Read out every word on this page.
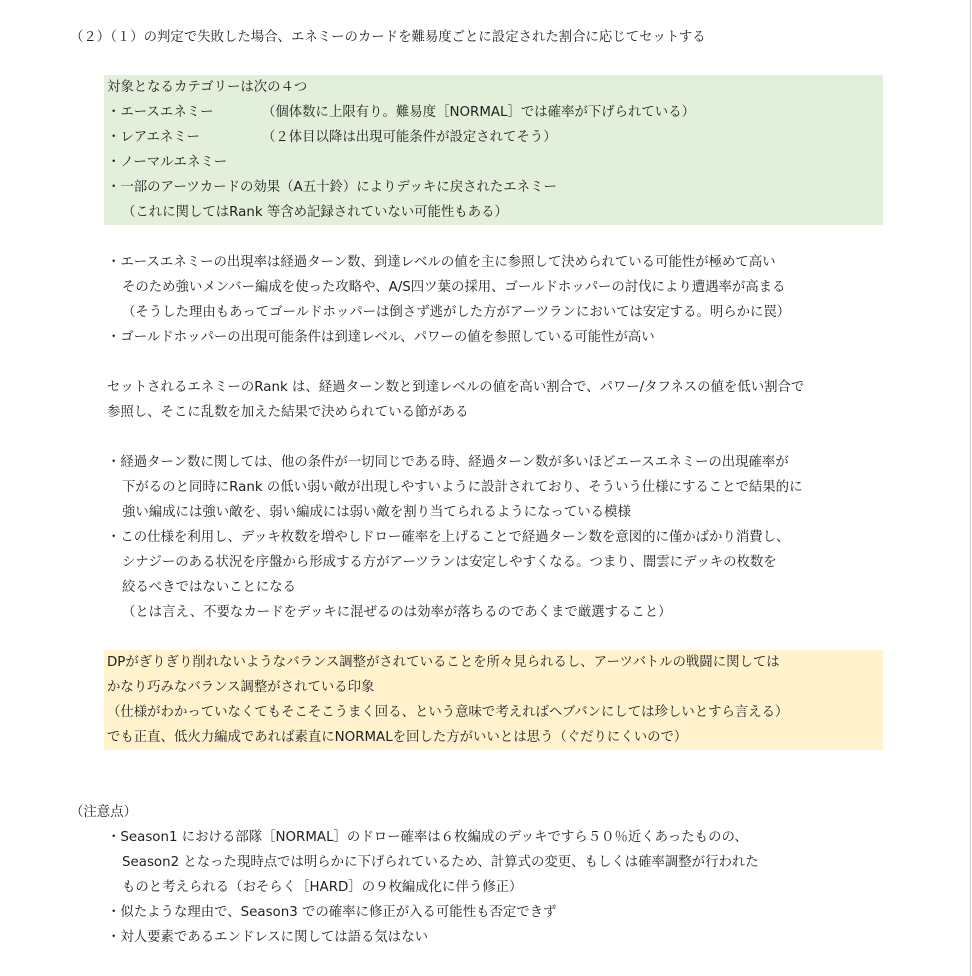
（２）（１）の判定で失敗した場合、エネミーのカードを難易度ごとに設定された割合に応じてセットする
対象となるカテゴリーは次の４つ
・エースエネミー	（個体数に上限有り。難易度［NORMAL］では確率が下げられている）
・レアエネミー	（２体目以降は出現可能条件が設定されてそう）
・ノーマルエネミー
・一部のアーツカードの効果（A五十鈴）によりデッキに戻されたエネミー
（これに関してはRank 等含め記録されていない可能性もある）
・エースエネミーの出現率は経過ターン数、到達レベルの値を主に参照して決められている可能性が極めて高い
そのため強いメンバー編成を使った攻略や、A/S四ツ葉の採用、ゴールドホッパーの討伐により遭遇率が高まる
（そうした理由もあってゴールドホッパーは倒さず逃がした方がアーツランにおいては安定する。明らかに罠）
・ゴールドホッパーの出現可能条件は到達レベル、パワーの値を参照している可能性が高い
セットされるエネミーのRank は、経過ターン数と到達レベルの値を高い割合で、パワー/タフネスの値を低い割合で
参照し、そこに乱数を加えた結果で決められている節がある
・経過ターン数に関しては、他の条件が一切同じである時、経過ターン数が多いほどエースエネミーの出現確率が
下がるのと同時にRank の低い弱い敵が出現しやすいように設計されており、そういう仕様にすることで結果的に
強い編成には強い敵を、弱い編成には弱い敵を割り当てられるようになっている模様
・この仕様を利用し、デッキ枚数を増やしドロー確率を上げることで経過ターン数を意図的に僅かばかり消費し、
シナジーのある状況を序盤から形成する方がアーツランは安定しやすくなる。つまり、闇雲にデッキの枚数を
絞るべきではないことになる
（とは言え、不要なカードをデッキに混ぜるのは効率が落ちるのであくまで厳選すること）
DPがぎりぎり削れないようなバランス調整がされていることを所々見られるし、アーツバトルの戦闘に関しては
かなり巧みなバランス調整がされている印象
（仕様がわかっていなくてもそこそこうまく回る、という意味で考えればヘブバンにしては珍しいとすら言える）
でも正直、低火力編成であれば素直にNORMALを回した方がいいとは思う（ぐだりにくいので）
（注意点）
・Season1 における部隊［NORMAL］のドロー確率は６枚編成のデッキですら５０％近くあったものの、
Season2 となった現時点では明らかに下げられているため、計算式の変更、もしくは確率調整が行われた
ものと考えられる（おそらく［HARD］の９枚編成化に伴う修正）
・似たような理由で、Season3 での確率に修正が入る可能性も否定できず
・対人要素であるエンドレスに関しては語る気はない
